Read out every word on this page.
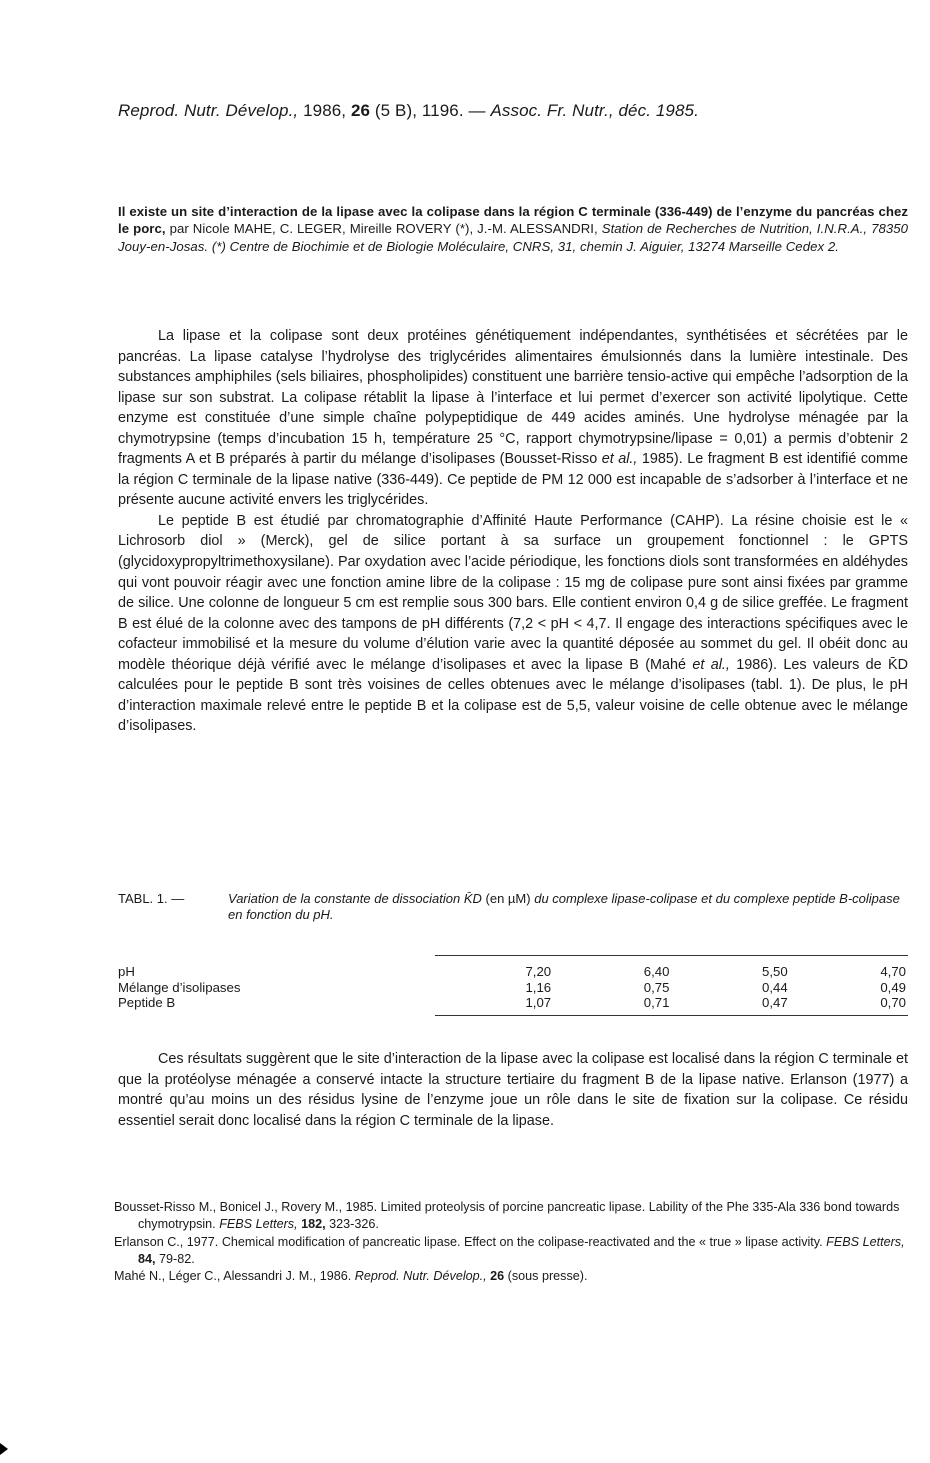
Reprod. Nutr. Dévelop., 1986, 26 (5 B), 1196. — Assoc. Fr. Nutr., déc. 1985.
Il existe un site d’interaction de la lipase avec la colipase dans la région C terminale (336-449) de l’enzyme du pancréas chez le porc, par Nicole MAHE, C. LEGER, Mireille ROVERY (*), J.-M. ALESSANDRI, Station de Recherches de Nutrition, I.N.R.A., 78350 Jouy-en-Josas. (*) Centre de Biochimie et de Biologie Moléculaire, CNRS, 31, chemin J. Aiguier, 13274 Marseille Cedex 2.

La lipase et la colipase sont deux protéines génétiquement indépendantes, synthétisées et sécrétées par le pancréas. La lipase catalyse l’hydrolyse des triglycérides alimentaires émulsionnés dans la lumière intestinale. Des substances amphiphiles (sels biliaires, phospholipides) constituent une barrière tensio-active qui empêche l’adsorption de la lipase sur son substrat. La colipase rétablit la lipase à l’interface et lui permet d’exercer son activité lipolytique. Cette enzyme est constituée d’une simple chaîne polypeptidique de 449 acides aminés. Une hydrolyse ménagée par la chymotrypsine (temps d’incubation 15 h, température 25 °C, rapport chymotrypsine/lipase = 0,01) a permis d’obtenir 2 fragments A et B préparés à partir du mélange d’isolipases (Bousset-Risso et al., 1985). Le fragment B est identifié comme la région C terminale de la lipase native (336-449). Ce peptide de PM 12 000 est incapable de s’adsorber à l’interface et ne présente aucune activité envers les triglycérides.

Le peptide B est étudié par chromatographie d’Affinité Haute Performance (CAHP). La résine choisie est le « Lichrosorb diol » (Merck), gel de silice portant à sa surface un groupement fonctionnel : le GPTS (glycidoxypropyltrimethoxysilane). Par oxydation avec l’acide périodique, les fonctions diols sont transformées en aldéhydes qui vont pouvoir réagir avec une fonction amine libre de la colipase : 15 mg de colipase pure sont ainsi fixées par gramme de silice. Une colonne de longueur 5 cm est remplie sous 300 bars. Elle contient environ 0,4 g de silice greffée. Le fragment B est élué de la colonne avec des tampons de pH différents (7,2 < pH < 4,7. Il engage des interactions spécifiques avec le cofacteur immobilisé et la mesure du volume d’élution varie avec la quantité déposée au sommet du gel. Il obéit donc au modèle théorique déjà vérifié avec le mélange d’isolipases et avec la lipase B (Mahé et al., 1986). Les valeurs de K̄D calculées pour le peptide B sont très voisines de celles obtenues avec le mélange d’isolipases (tabl. 1). De plus, le pH d’interaction maximale relevé entre le peptide B et la colipase est de 5,5, valeur voisine de celle obtenue avec le mélange d’isolipases.

TABL. 1. —	Variation de la constante de dissociation K̄D (en µM) du complexe lipase-colipase et du complexe peptide B-colipase en fonction du pH.

pH	7,20	6,40	5,50	4,70
Mélange d’isolipases	1,16	0,75	0,44	0,49
Peptide B	1,07	0,71	0,47	0,70

Ces résultats suggèrent que le site d’interaction de la lipase avec la colipase est localisé dans la région C terminale et que la protéolyse ménagée a conservé intacte la structure tertiaire du fragment B de la lipase native. Erlanson (1977) a montré qu’au moins un des résidus lysine de l’enzyme joue un rôle dans le site de fixation sur la colipase. Ce résidu essentiel serait donc localisé dans la région C terminale de la lipase.

Bousset-Risso M., Bonicel J., Rovery M., 1985. Limited proteolysis of porcine pancreatic lipase. Lability of the Phe 335-Ala 336 bond towards chymotrypsin. FEBS Letters, 182, 323-326.

Erlanson C., 1977. Chemical modification of pancreatic lipase. Effect on the colipase-reactivated and the « true » lipase activity. FEBS Letters, 84, 79-82.

Mahé N., Léger C., Alessandri J. M., 1986. Reprod. Nutr. Dévelop., 26 (sous presse).
